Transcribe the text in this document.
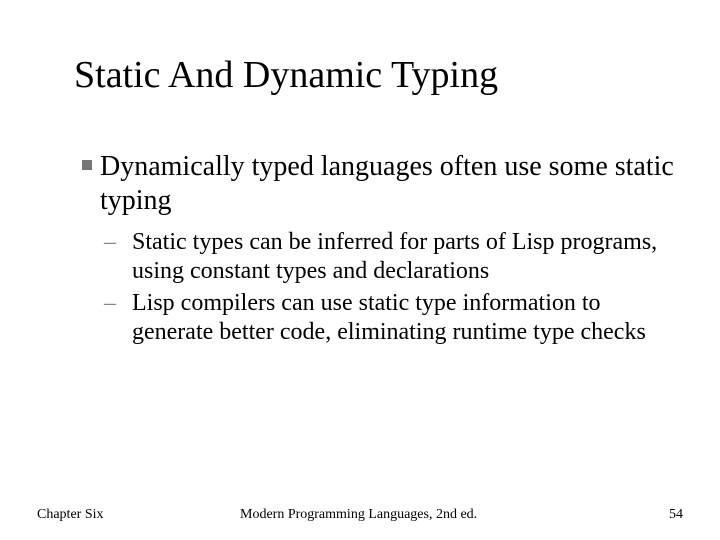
Static And Dynamic Typing
Dynamically typed languages often use some static typing
– Static types can be inferred for parts of Lisp programs, using constant types and declarations
– Lisp compilers can use static type information to generate better code, eliminating runtime type checks
Chapter Six	Modern Programming Languages, 2nd ed.	54
